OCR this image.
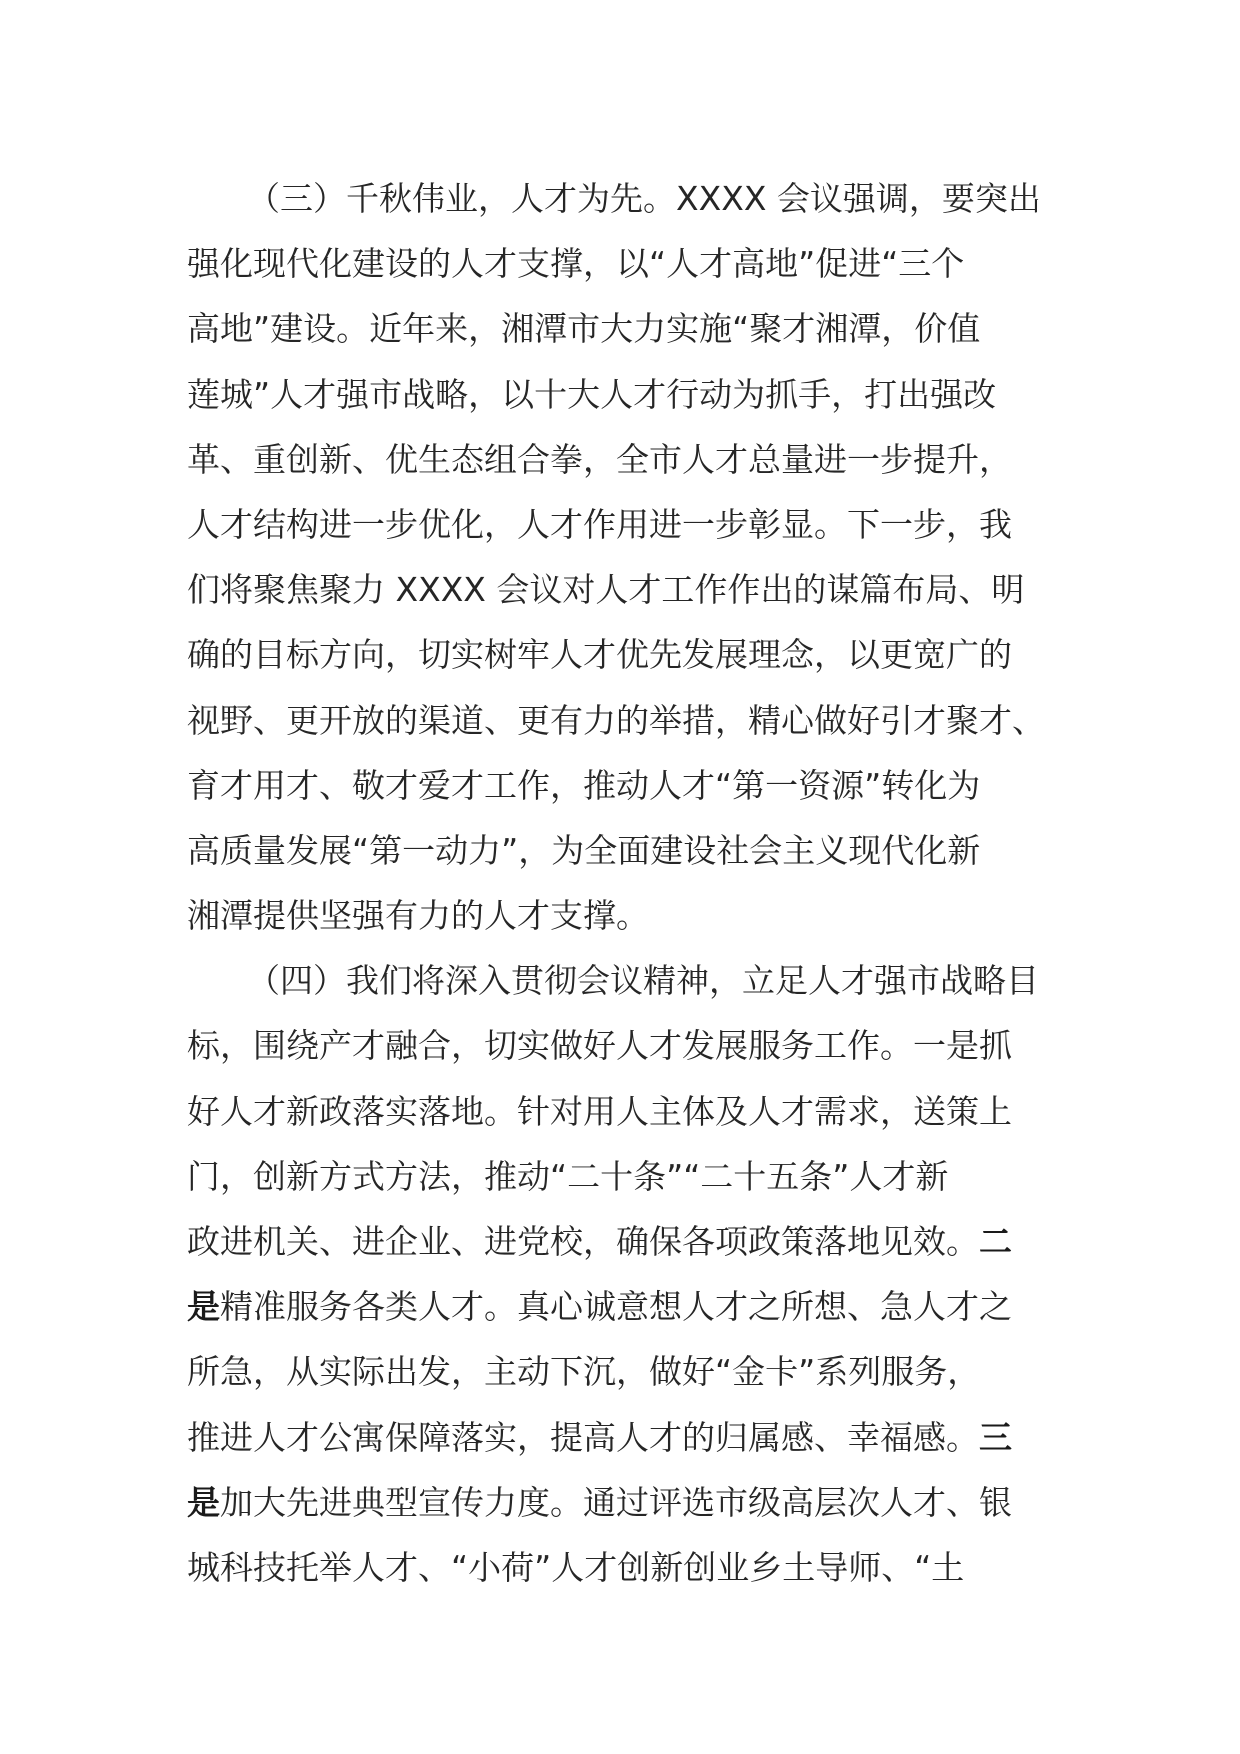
（三）千秋伟业，人才为先。XXXX 会议强调，要突出
强化现代化建设的人才支撑，以“人才高地”促进“三个
高地”建设。近年来，湘潭市大力实施“聚才湘潭，价值
莲城”人才强市战略，以十大人才行动为抓手，打出强改
革、重创新、优生态组合拳，全市人才总量进一步提升，
人才结构进一步优化，人才作用进一步彰显。下一步，我
们将聚焦聚力 XXXX 会议对人才工作作出的谋篇布局、明
确的目标方向，切实树牢人才优先发展理念，以更宽广的
视野、更开放的渠道、更有力的举措，精心做好引才聚才、
育才用才、敬才爱才工作，推动人才“第一资源”转化为
高质量发展“第一动力”，为全面建设社会主义现代化新
湘潭提供坚强有力的人才支撑。
（四）我们将深入贯彻会议精神，立足人才强市战略目
标，围绕产才融合，切实做好人才发展服务工作。一是抓
好人才新政落实落地。针对用人主体及人才需求，送策上
门，创新方式方法，推动“二十条”“二十五条”人才新
政进机关、进企业、进党校，确保各项政策落地见效。二
是精准服务各类人才。真心诚意想人才之所想、急人才之
所急，从实际出发，主动下沉，做好“金卡”系列服务，
推进人才公寓保障落实，提高人才的归属感、幸福感。三
是加大先进典型宣传力度。通过评选市级高层次人才、银
城科技托举人才、“小荷”人才创新创业乡土导师、“土
